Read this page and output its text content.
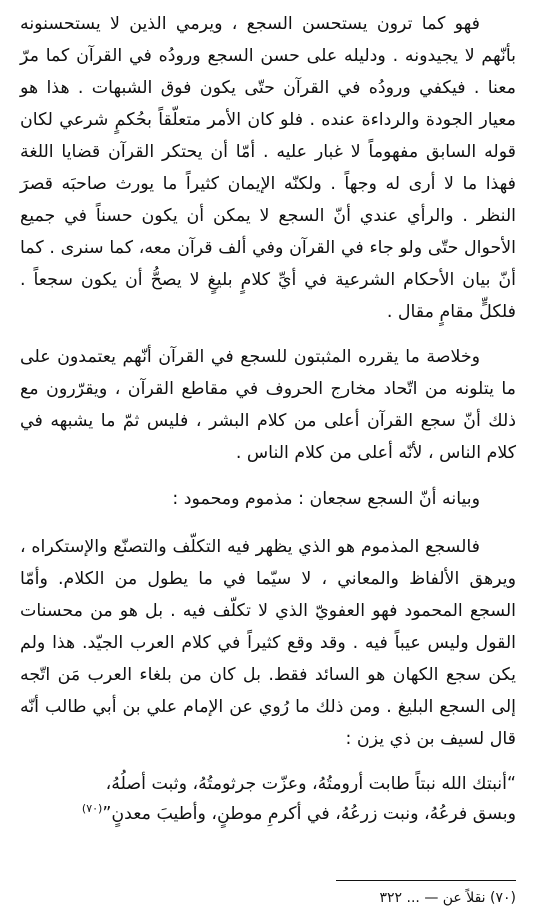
فهو كما ترون يستحسن السجع ، ويرمي الذين لا يستحسنونه بأنّهم لا يجيدونه . ودليله على حسن السجع ورودُه في القرآن كما مرّ معنا . فيكفي ورودُه في القرآن حتّى يكون فوق الشبهات . هذا هو معيار الجودة والرداءة عنده . فلو كان الأمر متعلّقاً بحُكمٍ شرعي لكان قوله السابق مفهوماً لا غبار عليه . أمّا أن يحتكر القرآن قضايا اللغة فهذا ما لا أرى له وجهاً . ولكنّه الإيمان كثيراً ما يورث صاحبَه قصرَ النظر . والرأي عندي أنّ السجع لا يمكن أن يكون حسناً في جميع الأحوال حتّى ولو جاء في القرآن وفي ألف قرآن معه، كما سنرى . كما أنّ بيان الأحكام الشرعية في أيِّ كلامٍ بليغٍ لا يصحُّ أن يكون سجعاً . فلكلٍّ مقامٍ مقال .

وخلاصة ما يقرره المثبتون للسجع في القرآن أنّهم يعتمدون على ما يتلونه من اتّحاد مخارج الحروف في مقاطع القرآن ، ويقرّرون مع ذلك أنّ سجع القرآن أعلى من كلام البشر ، فليس ثمّ ما يشبهه في كلام الناس ، لأنّه أعلى من كلام الناس .

وبيانه أنّ السجع سجعان : مذموم ومحمود :

فالسجع المذموم هو الذي يظهر فيه التكلّف والتصنّع والإستكراه ، ويرهق الألفاظ والمعاني ، لا سيّما في ما يطول من الكلام. وأمّا السجع المحمود فهو العفويّ الذي لا تكلّف فيه . بل هو من محسنات القول وليس عيباً فيه . وقد وقع كثيراً في كلام العرب الجيّد. هذا ولم يكن سجع الكهان هو السائد فقط. بل كان من بلغاء العرب مَن اتّجه إلى السجع البليغ . ومن ذلك ما رُوي عن الإمام علي بن أبي طالب أنّه قال لسيف بن ذي يزن :

“أنبتك الله نبتاً طابت أرومتُهُ، وعزّت جرثومتُهُ، وثبت أصلُهُ،
وبسق فرعُهُ، ونبت زرعُهُ، في أكرمِ موطنٍ، وأطيبَ معدنٍ”$^{(٧٠)}$
(٧٠) نقلاً عن — ... ٣٢٢
